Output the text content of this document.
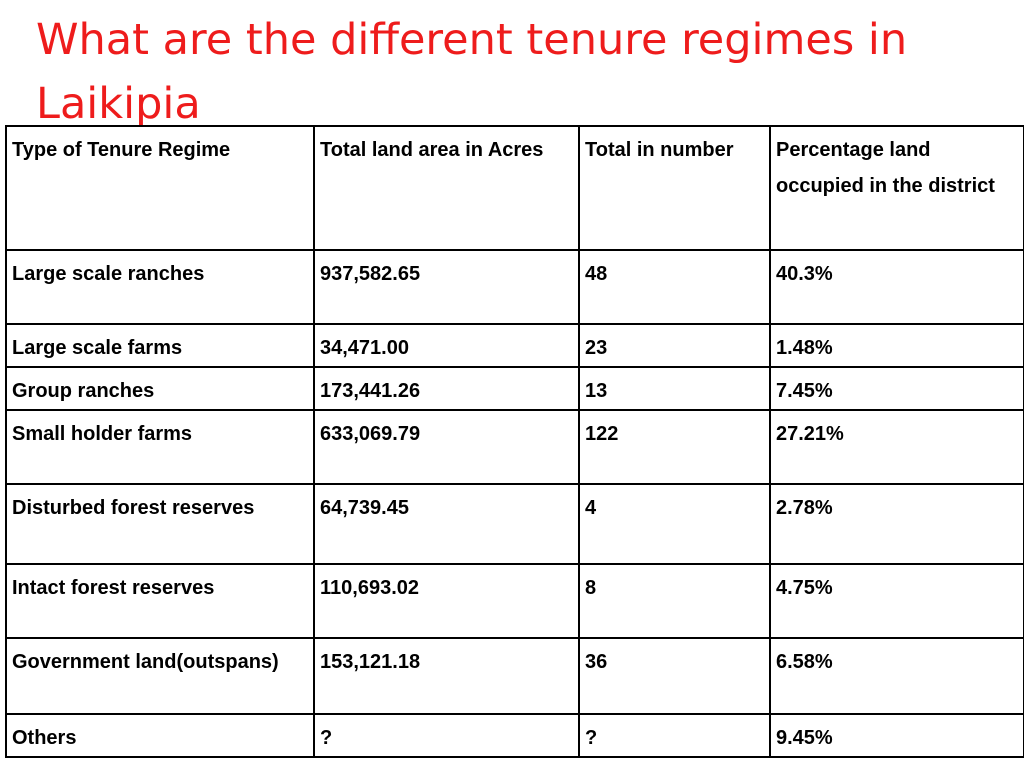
What are the different tenure regimes in Laikipia
Type of Tenure Regime	Total land area in Acres	Total in number	Percentage land occupied in the district
Large scale ranches	937,582.65	48	40.3%
Large scale farms	34,471.00	23	1.48%
Group ranches	173,441.26	13	7.45%
Small holder farms	633,069.79	122	27.21%
Disturbed forest reserves	64,739.45	4	2.78%
Intact forest reserves	110,693.02	8	4.75%
Government land(outspans)	153,121.18	36	6.58%
Others	?	?	9.45%
